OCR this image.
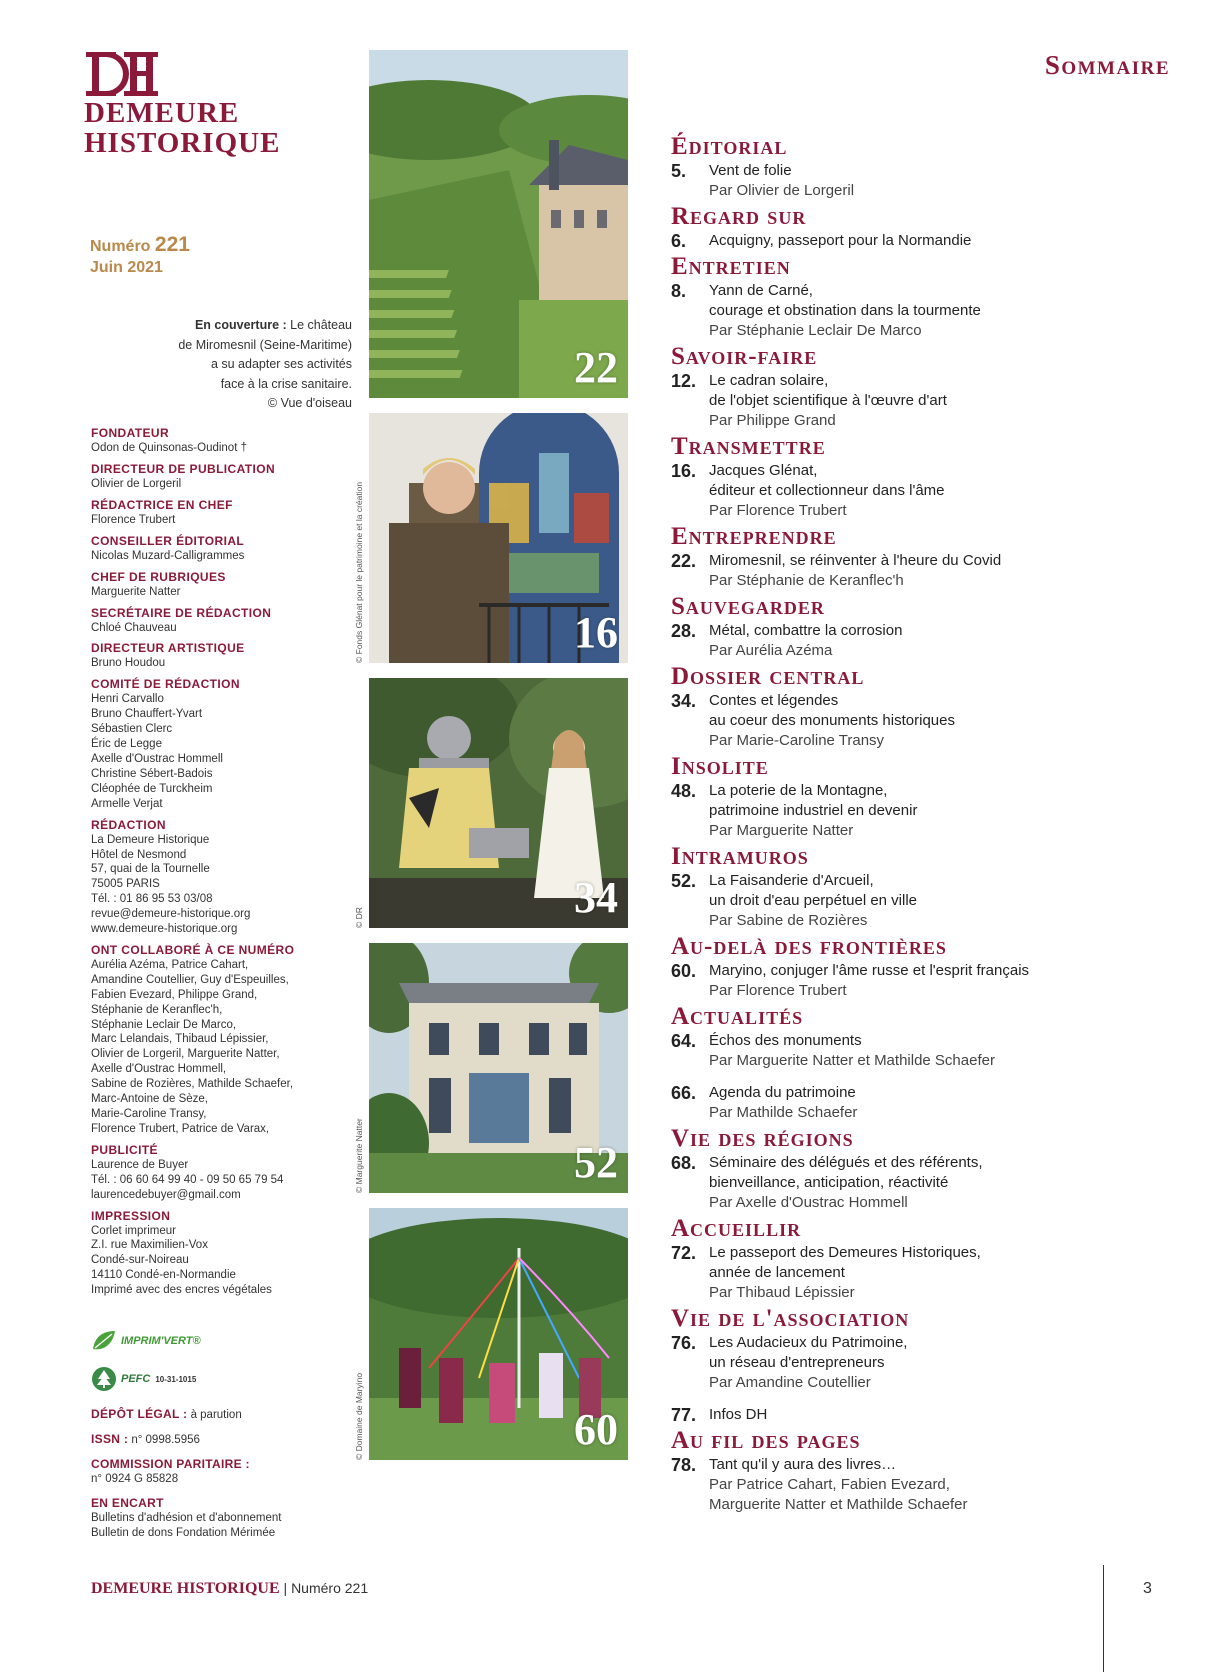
DEMEURE
HISTORIQUE
Numéro 221
Juin 2021
En couverture : Le château
de Miromesnil (Seine-Maritime)
a su adapter ses activités
face à la crise sanitaire.
© Vue d'oiseau
FONDATEUR
Odon de Quinsonas-Oudinot †
DIRECTEUR DE PUBLICATION
Olivier de Lorgeril
RÉDACTRICE EN CHEF
Florence Trubert
CONSEILLER ÉDITORIAL
Nicolas Muzard-Calligrammes
CHEF DE RUBRIQUES
Marguerite Natter
SECRÉTAIRE DE RÉDACTION
Chloé Chauveau
DIRECTEUR ARTISTIQUE
Bruno Houdou
COMITÉ DE RÉDACTION
Henri Carvallo
Bruno Chauffert-Yvart
Sébastien Clerc
Éric de Legge
Axelle d'Oustrac Hommell
Christine Sébert-Badois
Cléophée de Turckheim
Armelle Verjat
RÉDACTION
La Demeure Historique
Hôtel de Nesmond
57, quai de la Tournelle
75005 PARIS
Tél. : 01 86 95 53 03/08
revue@demeure-historique.org
www.demeure-historique.org
ONT COLLABORÉ À CE NUMÉRO
Aurélia Azéma, Patrice Cahart,
Amandine Coutellier, Guy d'Espeuilles,
Fabien Evezard, Philippe Grand,
Stéphanie de Keranflec'h,
Stéphanie Leclair De Marco,
Marc Lelandais, Thibaud Lépissier,
Olivier de Lorgeril, Marguerite Natter,
Axelle d'Oustrac Hommell,
Sabine de Rozières, Mathilde Schaefer,
Marc-Antoine de Sèze,
Marie-Caroline Transy,
Florence Trubert, Patrice de Varax,
PUBLICITÉ
Laurence de Buyer
Tél. : 06 60 64 99 40 - 09 50 65 79 54
laurencedebuyer@gmail.com
IMPRESSION
Corlet imprimeur
Z.I. rue Maximilien-Vox
Condé-sur-Noireau
14110 Condé-en-Normandie
Imprimé avec des encres végétales
IMPRIM'VERT®
PEFC 10-31-1015
DÉPÔT LÉGAL : à parution
ISSN : n° 0998.5956
COMMISSION PARITAIRE :
n° 0924 G 85828
EN ENCART
Bulletins d'adhésion et d'abonnement
Bulletin de dons Fondation Mérimée
22
16
© Fonds Glénat pour le patrimoine et la création
34
© DR
52
© Marguerite Natter
60
© Domaine de Maryino
Sommaire
Éditorial
5. Vent de folie
Par Olivier de Lorgeril
Regard sur
6. Acquigny, passeport pour la Normandie
Entretien
8. Yann de Carné,
courage et obstination dans la tourmente
Par Stéphanie Leclair De Marco
Savoir-faire
12. Le cadran solaire,
de l'objet scientifique à l'œuvre d'art
Par Philippe Grand
Transmettre
16. Jacques Glénat,
éditeur et collectionneur dans l'âme
Par Florence Trubert
Entreprendre
22. Miromesnil, se réinventer à l'heure du Covid
Par Stéphanie de Keranflec'h
Sauvegarder
28. Métal, combattre la corrosion
Par Aurélia Azéma
Dossier central
34. Contes et légendes
au coeur des monuments historiques
Par Marie-Caroline Transy
Insolite
48. La poterie de la Montagne,
patrimoine industriel en devenir
Par Marguerite Natter
Intramuros
52. La Faisanderie d'Arcueil,
un droit d'eau perpétuel en ville
Par Sabine de Rozières
Au-delà des frontières
60. Maryino, conjuger l'âme russe et l'esprit français
Par Florence Trubert
Actualités
64. Échos des monuments
Par Marguerite Natter et Mathilde Schaefer
66. Agenda du patrimoine
Par Mathilde Schaefer
Vie des régions
68. Séminaire des délégués et des référents,
bienveillance, anticipation, réactivité
Par Axelle d'Oustrac Hommell
Accueillir
72. Le passeport des Demeures Historiques,
année de lancement
Par Thibaud Lépissier
Vie de l'association
76. Les Audacieux du Patrimoine,
un réseau d'entrepreneurs
Par Amandine Coutellier
77. Infos DH
Au fil des pages
78. Tant qu'il y aura des livres…
Par Patrice Cahart, Fabien Evezard,
Marguerite Natter et Mathilde Schaefer
DEMEURE HISTORIQUE | Numéro 221	3
